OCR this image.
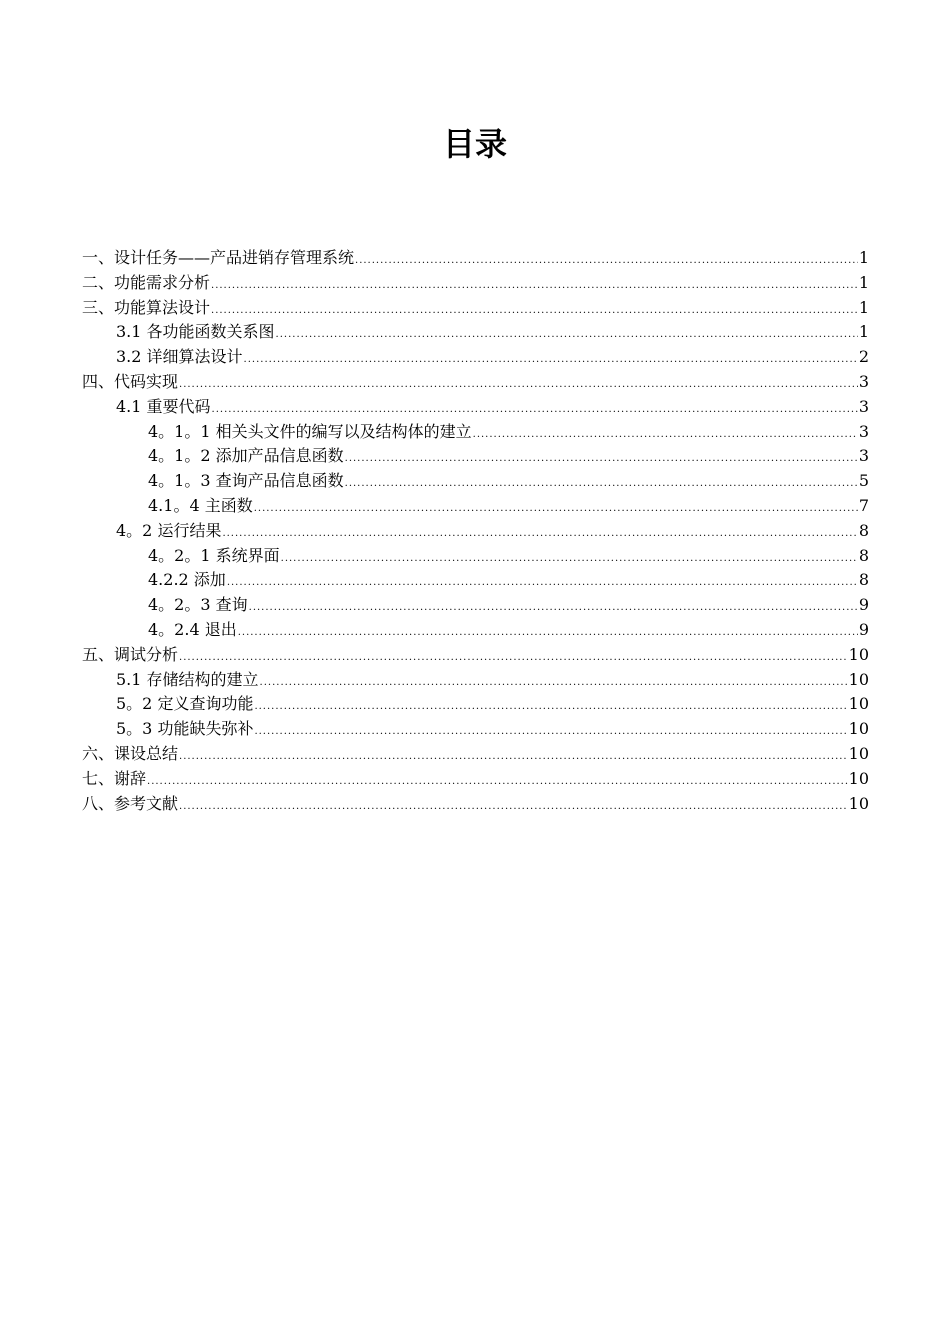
目录
一、设计任务——产品进销存管理系统 .....	1
二、功能需求分析 .....	1
三、功能算法设计 .....	1
3.1 各功能函数关系图 .....	1
3.2 详细算法设计 .....	2
四、代码实现 .....	3
4.1 重要代码 .....	3
4。1。1 相关头文件的编写以及结构体的建立 .....	3
4。1。2 添加产品信息函数 .....	3
4。1。3 查询产品信息函数 .....	5
4.1。4 主函数 .....	7
4。2 运行结果 .....	8
4。2。1 系统界面 .....	8
4.2.2 添加 .....	8
4。2。3 查询 .....	9
4。2.4 退出 .....	9
五、调试分析 .....	10
5.1 存储结构的建立 .....	10
5。2 定义查询功能 .....	10
5。3 功能缺失弥补 .....	10
六、课设总结 .....	10
七、谢辞 .....	10
八、参考文献 .....	10
